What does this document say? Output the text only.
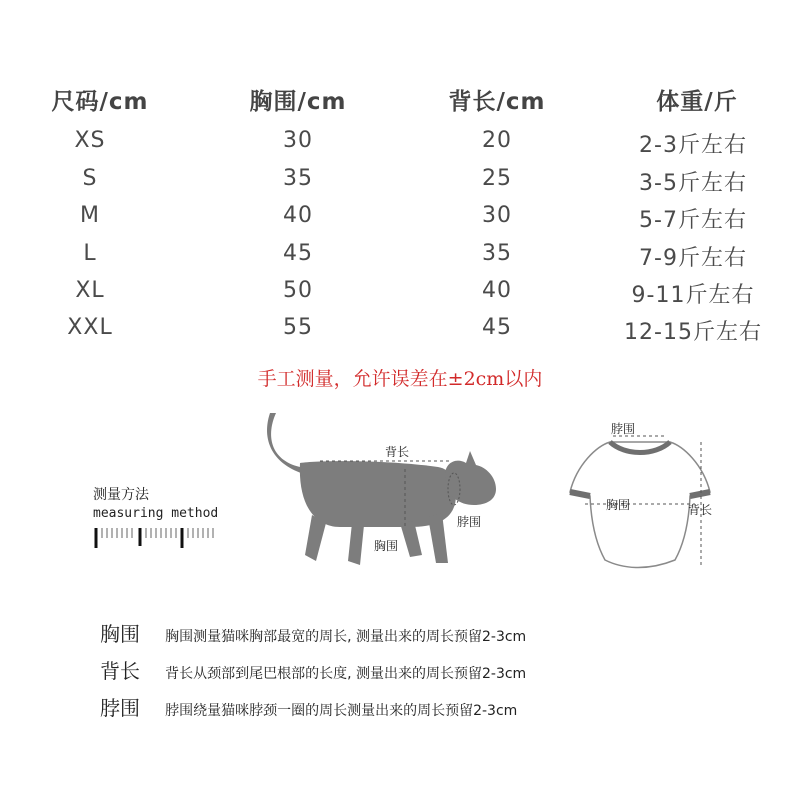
尺码/cm	胸围/cm	背长/cm	体重/斤
XS	30	20	2-3斤左右
S	35	25	3-5斤左右
M	40	30	5-7斤左右
L	45	35	7-9斤左右
XL	50	40	9-11斤左右
XXL	55	45	12-15斤左右
手工测量，允许误差在±2cm以内
测量方法
measuring method
背长
脖围
胸围
脖围
胸围	背长
胸围 胸围测量猫咪胸部最宽的周长, 测量出来的周长预留2-3cm
背长 背长从颈部到尾巴根部的长度, 测量出来的周长预留2-3cm
脖围 脖围绕量猫咪脖颈一圈的周长测量出来的周长预留2-3cm
